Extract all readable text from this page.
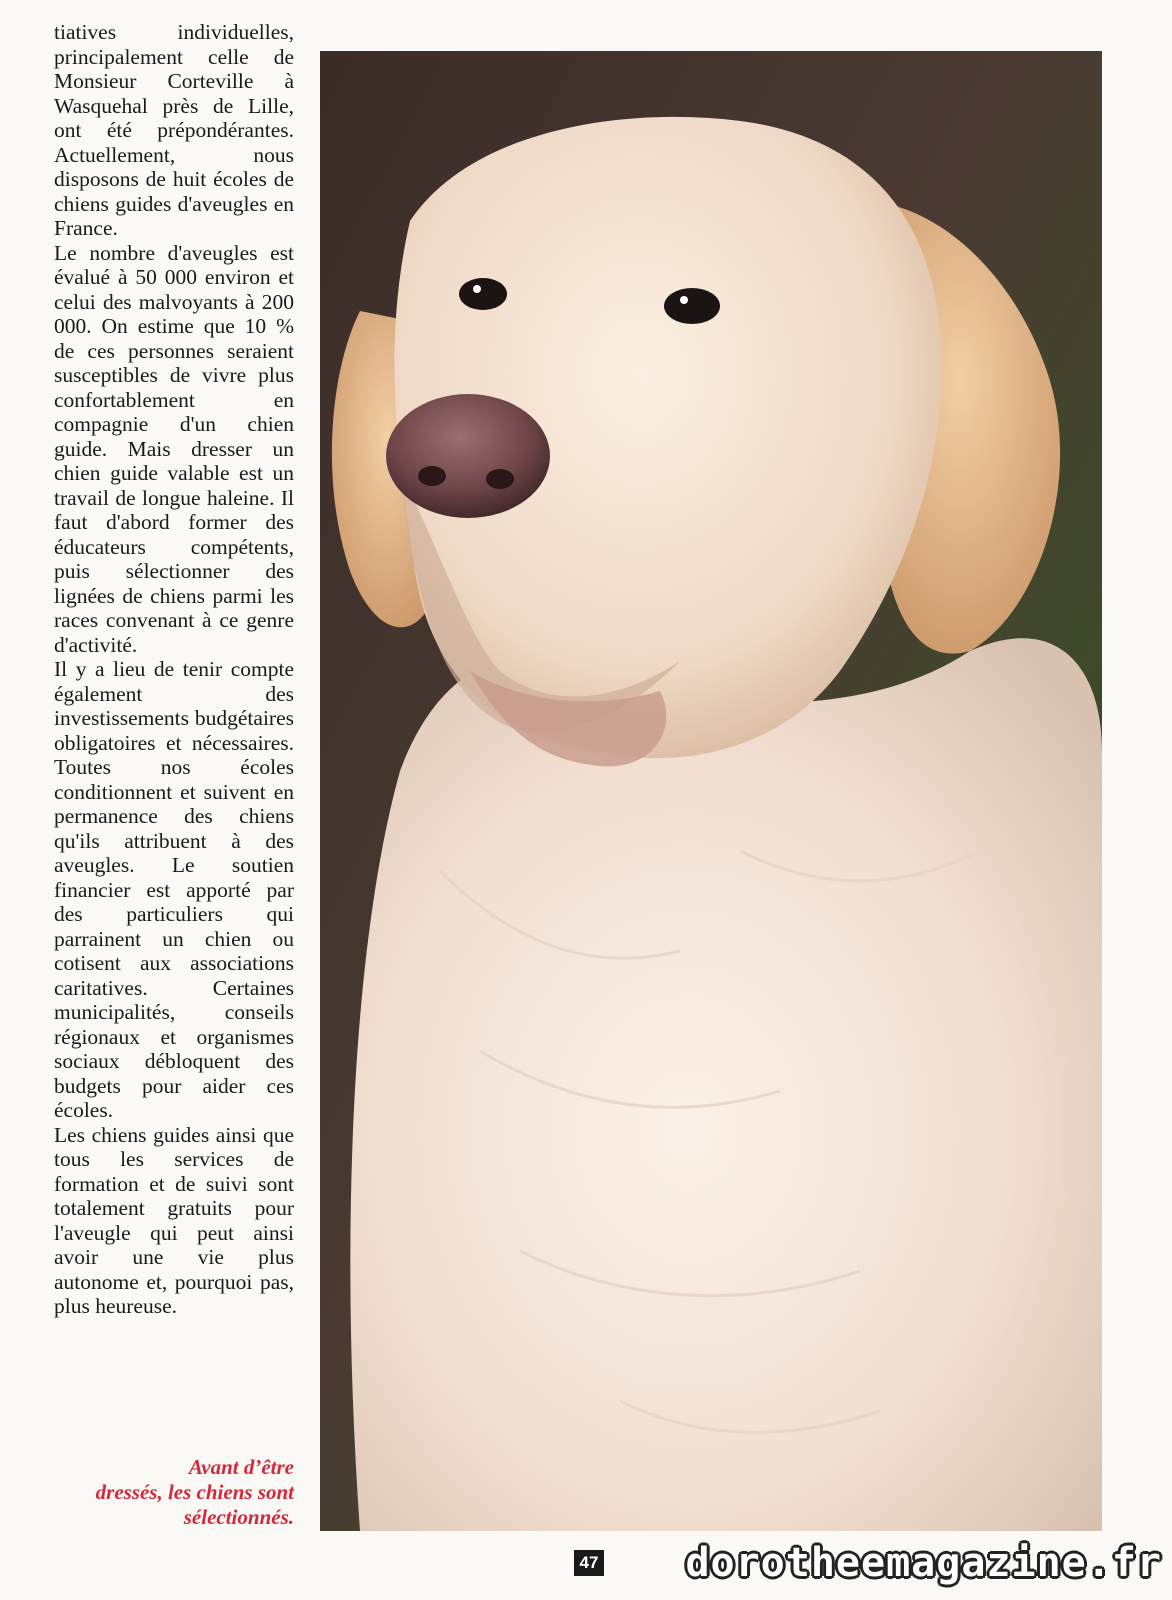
tiatives individuelles, principalement celle de Monsieur Corteville à Wasquehal près de Lille, ont été prépondérantes. Actuellement, nous disposons de huit écoles de chiens guides d'aveugles en France.

Le nombre d'aveugles est évalué à 50 000 environ et celui des malvoyants à 200 000. On estime que 10 % de ces personnes seraient susceptibles de vivre plus confortablement en compagnie d'un chien guide. Mais dresser un chien guide valable est un travail de longue haleine. Il faut d'abord former des éducateurs compétents, puis sélectionner des lignées de chiens parmi les races convenant à ce genre d'activité.

Il y a lieu de tenir compte également des investissements budgétaires obligatoires et nécessaires. Toutes nos écoles conditionnent et suivent en permanence des chiens qu'ils attribuent à des aveugles. Le soutien financier est apporté par des particuliers qui parrainent un chien ou cotisent aux associations caritatives. Certaines municipalités, conseils régionaux et organismes sociaux débloquent des budgets pour aider ces écoles.

Les chiens guides ainsi que tous les services de formation et de suivi sont totalement gratuits pour l'aveugle qui peut ainsi avoir une vie plus autonome et, pourquoi pas, plus heureuse.

Avant d’être
dressés, les chiens sont
sélectionnés.
47 dorotheemagazine.fr
